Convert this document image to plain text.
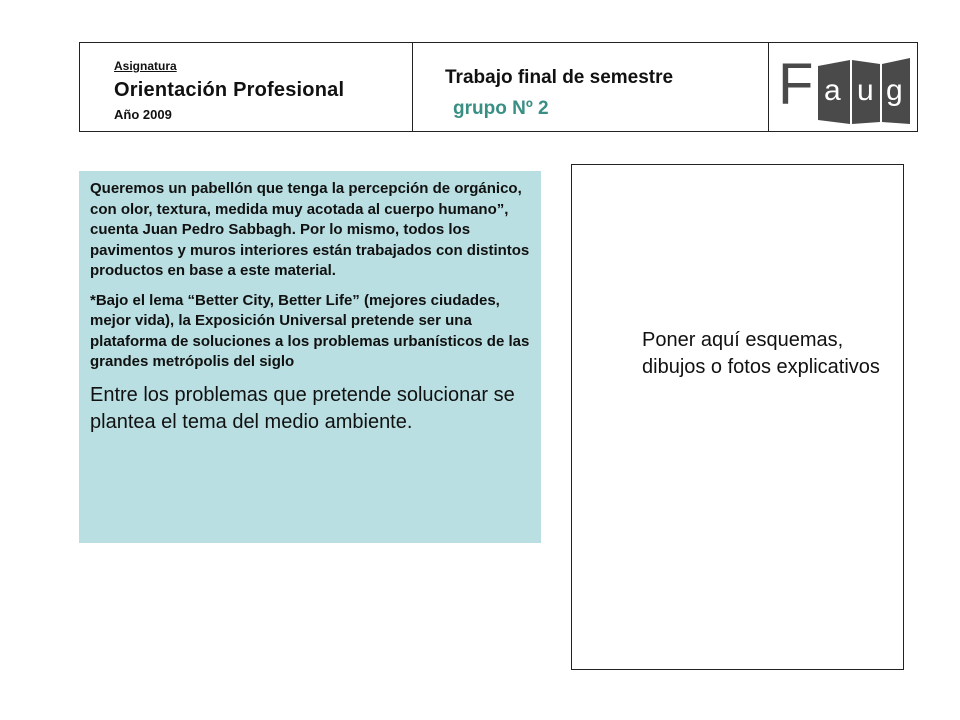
Asignatura
Orientación Profesional
Año 2009
Trabajo final de semestre
grupo Nº 2	F a u g

Queremos un pabellón que tenga la percepción de orgánico, con olor, textura, medida muy acotada al cuerpo humano”, cuenta Juan Pedro Sabbagh. Por lo mismo, todos los pavimentos y muros interiores están trabajados con distintos productos en base a este material.

*Bajo el lema “Better City, Better Life” (mejores ciudades, mejor vida), la Exposición Universal pretende ser una plataforma de soluciones a los problemas urbanísticos de las grandes metrópolis del siglo

Entre los problemas que pretende solucionar se plantea el tema del medio ambiente.

Poner aquí esquemas, dibujos o fotos explicativos
